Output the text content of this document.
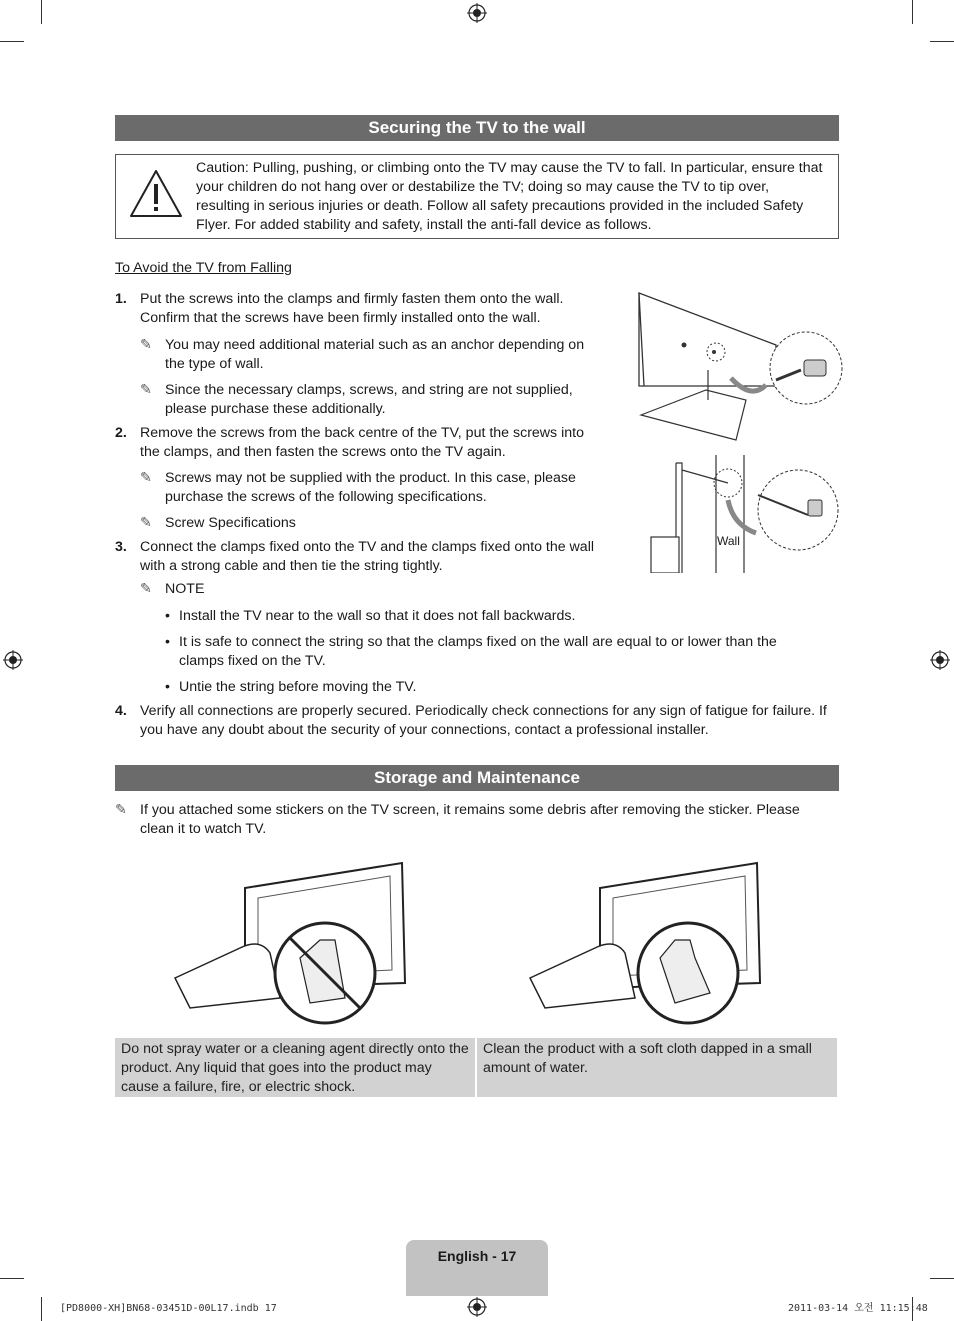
Securing the TV to the wall
Caution: Pulling, pushing, or climbing onto the TV may cause the TV to fall. In particular, ensure that your children do not hang over or destabilize the TV; doing so may cause the TV to tip over, resulting in serious injuries or death. Follow all safety precautions provided in the included Safety Flyer. For added stability and safety, install the anti-fall device as follows.
To Avoid the TV from Falling
1. Put the screws into the clamps and firmly fasten them onto the wall. Confirm that the screws have been firmly installed onto the wall.
✎ You may need additional material such as an anchor depending on the type of wall.
✎ Since the necessary clamps, screws, and string are not supplied, please purchase these additionally.
2. Remove the screws from the back centre of the TV, put the screws into the clamps, and then fasten the screws onto the TV again.
✎ Screws may not be supplied with the product. In this case, please purchase the screws of the following specifications.
✎ Screw Specifications
3. Connect the clamps fixed onto the TV and the clamps fixed onto the wall with a strong cable and then tie the string tightly.
✎ NOTE
• Install the TV near to the wall so that it does not fall backwards.
• It is safe to connect the string so that the clamps fixed on the wall are equal to or lower than the clamps fixed on the TV.
• Untie the string before moving the TV.
4. Verify all connections are properly secured. Periodically check connections for any sign of fatigue for failure. If you have any doubt about the security of your connections, contact a professional installer.
Wall
Storage and Maintenance
✎ If you attached some stickers on the TV screen, it remains some debris after removing the sticker. Please clean it to watch TV.
Do not spray water or a cleaning agent directly onto the product. Any liquid that goes into the product may cause a failure, fire, or electric shock.
Clean the product with a soft cloth dapped in a small amount of water.
English - 17
[PD8000-XH]BN68-03451D-00L17.indb 17	2011-03-14 오전 11:15:48
